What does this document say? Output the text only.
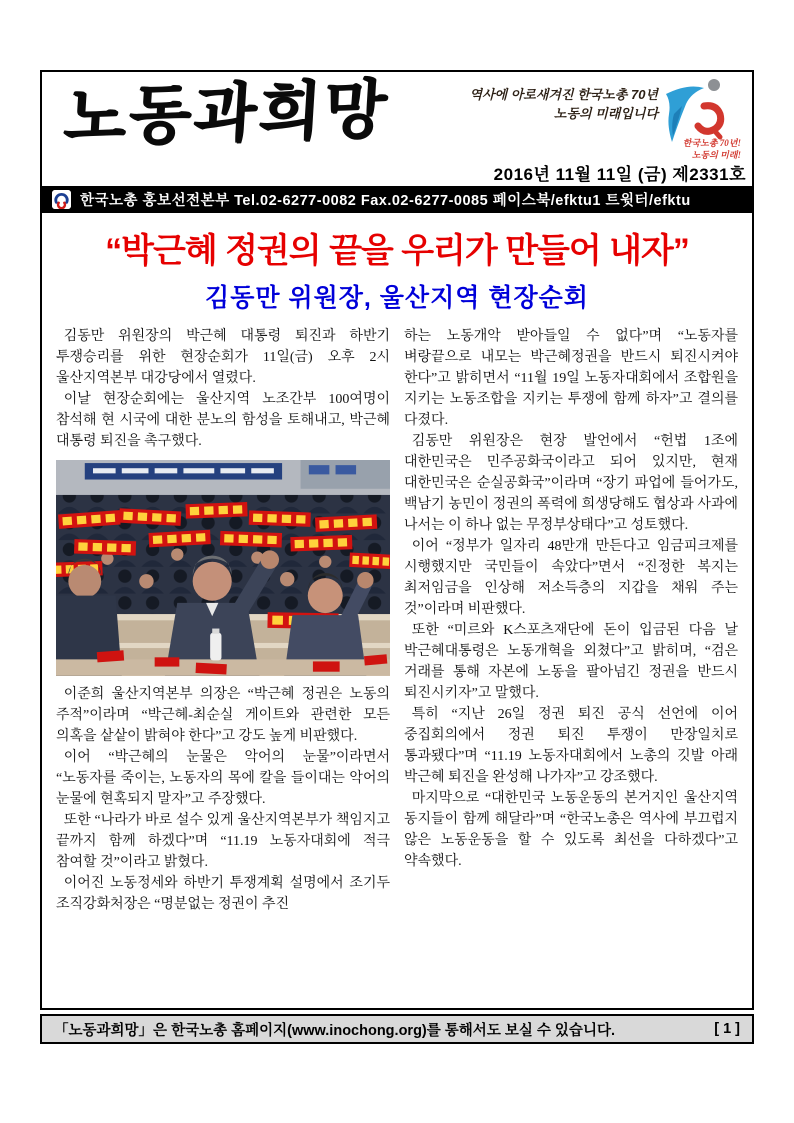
노동과희망	역사에 아로새겨진 한국노총 70년
노동의 미래입니다
한국노총 70년!
노동의 미래!
2016년 11월 11일 (금) 제2331호
한국노총 홍보선전본부 Tel.02-6277-0082 Fax.02-6277-0085 페이스북/efktu1 트윗터/efktu
“박근혜 정권의 끝을 우리가 만들어 내자”
김동만 위원장, 울산지역 현장순회

김동만 위원장의 박근혜 대통령 퇴진과 하반기 투쟁승리를 위한 현장순회가 11일(금) 오후 2시 울산지역본부 대강당에서 열렸다.

이날 현장순회에는 울산지역 노조간부 100여명이 참석해 현 시국에 대한 분노의 함성을 토해내고, 박근혜 대통령 퇴진을 촉구했다.

이준희 울산지역본부 의장은 “박근혜 정권은 노동의 주적”이라며 “박근혜-최순실 게이트와 관련한 모든 의혹을 샅샅이 밝혀야 한다”고 강도 높게 비판했다.

이어 “박근혜의 눈물은 악어의 눈물”이라면서 “노동자를 죽이는, 노동자의 목에 칼을 들이대는 악어의 눈물에 현혹되지 말자”고 주장했다.

또한 “나라가 바로 설수 있게 울산지역본부가 책임지고 끝까지 함께 하겠다”며 “11.19 노동자대회에 적극 참여할 것”이라고 밝혔다.

이어진 노동정세와 하반기 투쟁계획 설명에서 조기두 조직강화처장은 “명분없는 정권이 추진

하는 노동개악 받아들일 수 없다”며 “노동자를 벼랑끝으로 내모는 박근혜정권을 반드시 퇴진시켜야 한다”고 밝히면서 “11월 19일 노동자대회에서 조합원을 지키는 노동조합을 지키는 투쟁에 함께 하자”고 결의를 다졌다.

김동만 위원장은 현장 발언에서 “헌법 1조에 대한민국은 민주공화국이라고 되어 있지만, 현재 대한민국은 순실공화국”이라며 “장기 파업에 들어가도, 백남기 농민이 정권의 폭력에 희생당해도 협상과 사과에 나서는 이 하나 없는 무정부상태다”고 성토했다.

이어 “정부가 일자리 48만개 만든다고 임금피크제를 시행했지만 국민들이 속았다”면서 “진정한 복지는 최저임금을 인상해 저소득층의 지갑을 채워 주는 것”이라며 비판했다.

또한 “미르와 K스포츠재단에 돈이 입금된 다음 날 박근혜대통령은 노동개혁을 외쳤다”고 밝히며, “검은 거래를 통해 자본에 노동을 팔아넘긴 정권을 반드시 퇴진시키자”고 말했다.

특히 “지난 26일 정권 퇴진 공식 선언에 이어 중집회의에서 정권 퇴진 투쟁이 만장일치로 통과됐다”며 “11.19 노동자대회에서 노총의 깃발 아래 박근혜 퇴진을 완성해 나가자”고 강조했다.

마지막으로 “대한민국 노동운동의 본거지인 울산지역 동지들이 함께 해달라”며 “한국노총은 역사에 부끄럽지 않은 노동운동을 할 수 있도록 최선을 다하겠다”고 약속했다.

「노동과희망」은 한국노총 홈페이지(www.inochong.org)를 통해서도 보실 수 있습니다.	[ 1 ]
